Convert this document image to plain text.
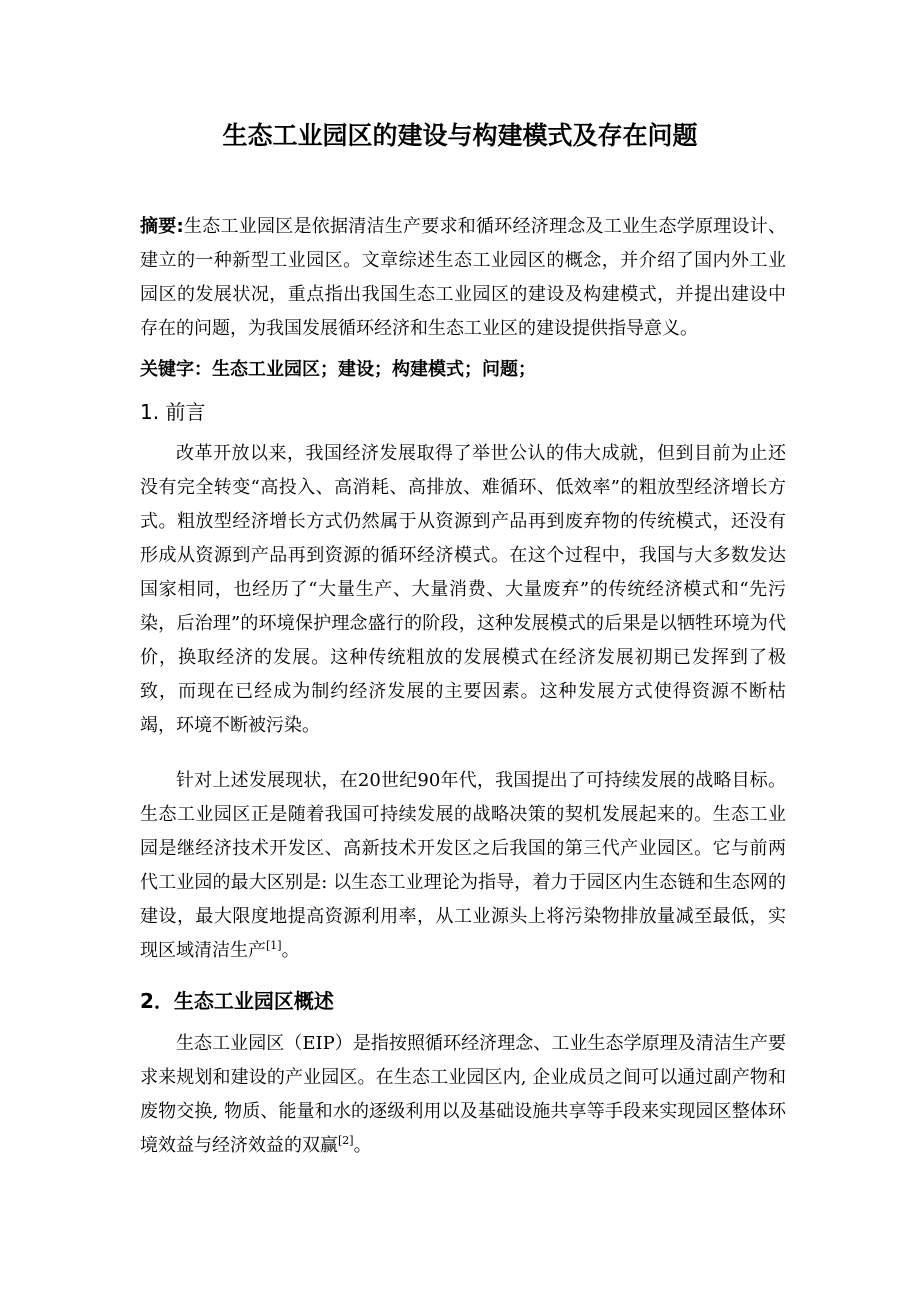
生态工业园区的建设与构建模式及存在问题

摘要:生态工业园区是依据清洁生产要求和循环经济理念及工业生态学原理设计、建立的一种新型工业园区。文章综述生态工业园区的概念，并介绍了国内外工业园区的发展状况，重点指出我国生态工业园区的建设及构建模式，并提出建设中存在的问题，为我国发展循环经济和生态工业区的建设提供指导意义。

关键字：生态工业园区；建设；构建模式；问题；

1. 前言

改革开放以来，我国经济发展取得了举世公认的伟大成就，但到目前为止还没有完全转变“高投入、高消耗、高排放、难循环、低效率”的粗放型经济增长方式。粗放型经济增长方式仍然属于从资源到产品再到废弃物的传统模式，还没有形成从资源到产品再到资源的循环经济模式。在这个过程中，我国与大多数发达国家相同，也经历了“大量生产、大量消费、大量废弃”的传统经济模式和“先污染，后治理”的环境保护理念盛行的阶段，这种发展模式的后果是以牺牲环境为代价，换取经济的发展。这种传统粗放的发展模式在经济发展初期已发挥到了极致，而现在已经成为制约经济发展的主要因素。这种发展方式使得资源不断枯竭，环境不断被污染。

针对上述发展现状，在20世纪90年代，我国提出了可持续发展的战略目标。生态工业园区正是随着我国可持续发展的战略决策的契机发展起来的。生态工业园是继经济技术开发区、高新技术开发区之后我国的第三代产业园区。它与前两代工业园的最大区别是: 以生态工业理论为指导，着力于园区内生态链和生态网的建设，最大限度地提高资源利用率，从工业源头上将污染物排放量减至最低，实现区域清洁生产[1]。

2．生态工业园区概述

生态工业园区（EIP）是指按照循环经济理念、工业生态学原理及清洁生产要求来规划和建设的产业园区。在生态工业园区内, 企业成员之间可以通过副产物和废物交换, 物质、能量和水的逐级利用以及基础设施共享等手段来实现园区整体环境效益与经济效益的双赢[2]。
